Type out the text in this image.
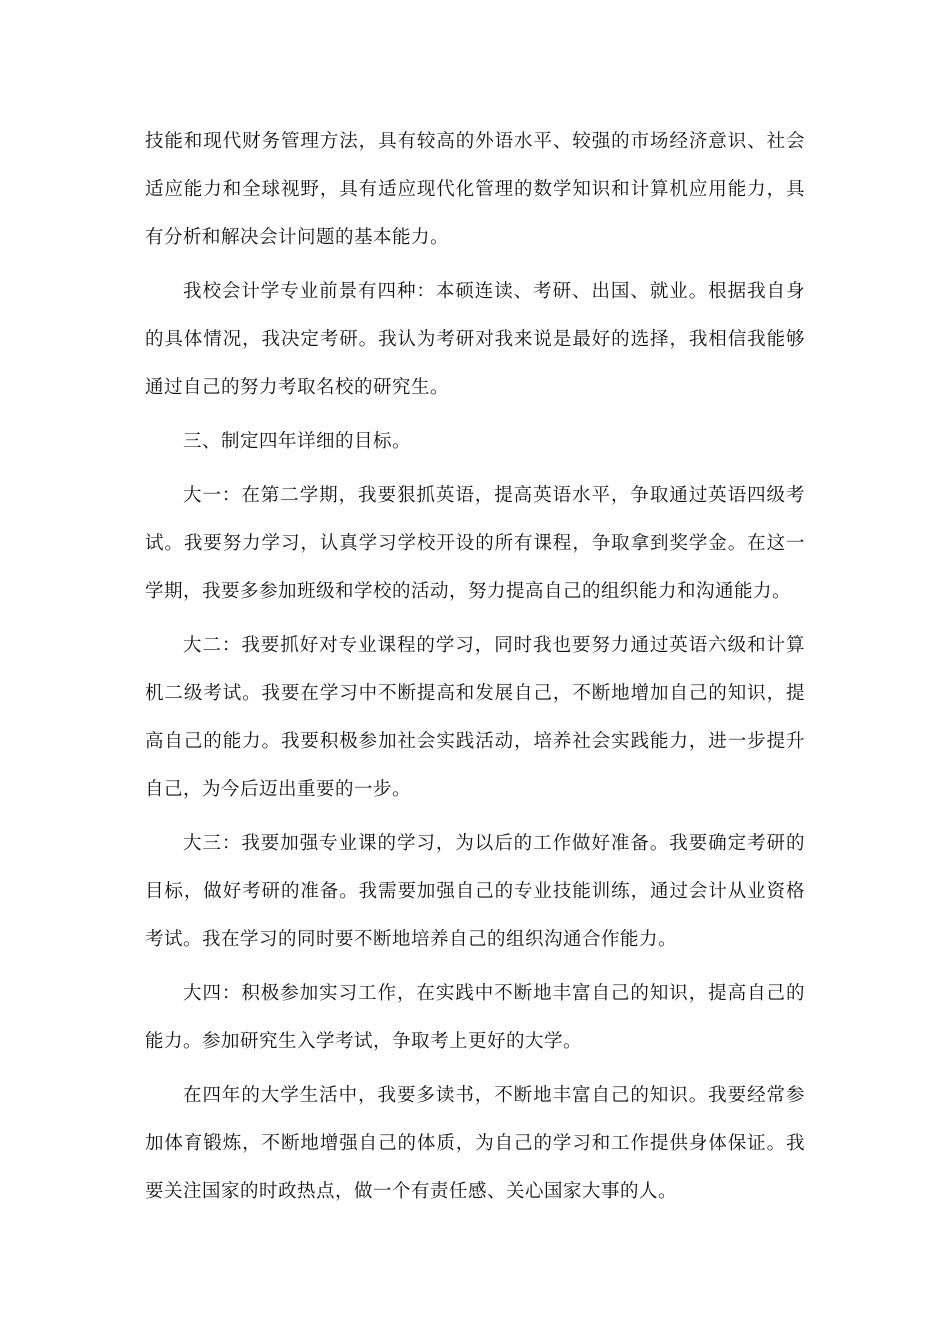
技能和现代财务管理方法，具有较高的外语水平、较强的市场经济意识、社会适应能力和全球视野，具有适应现代化管理的数学知识和计算机应用能力，具有分析和解决会计问题的基本能力。

我校会计学专业前景有四种：本硕连读、考研、出国、就业。根据我自身的具体情况，我决定考研。我认为考研对我来说是最好的选择，我相信我能够通过自己的努力考取名校的研究生。

三、制定四年详细的目标。

大一：在第二学期，我要狠抓英语，提高英语水平，争取通过英语四级考试。我要努力学习，认真学习学校开设的所有课程，争取拿到奖学金。在这一学期，我要多参加班级和学校的活动，努力提高自己的组织能力和沟通能力。

大二：我要抓好对专业课程的学习，同时我也要努力通过英语六级和计算机二级考试。我要在学习中不断提高和发展自己，不断地增加自己的知识，提高自己的能力。我要积极参加社会实践活动，培养社会实践能力，进一步提升自己，为今后迈出重要的一步。

大三：我要加强专业课的学习，为以后的工作做好准备。我要确定考研的目标，做好考研的准备。我需要加强自己的专业技能训练，通过会计从业资格考试。我在学习的同时要不断地培养自己的组织沟通合作能力。

大四：积极参加实习工作，在实践中不断地丰富自己的知识，提高自己的能力。参加研究生入学考试，争取考上更好的大学。

在四年的大学生活中，我要多读书，不断地丰富自己的知识。我要经常参加体育锻炼，不断地增强自己的体质，为自己的学习和工作提供身体保证。我要关注国家的时政热点，做一个有责任感、关心国家大事的人。
